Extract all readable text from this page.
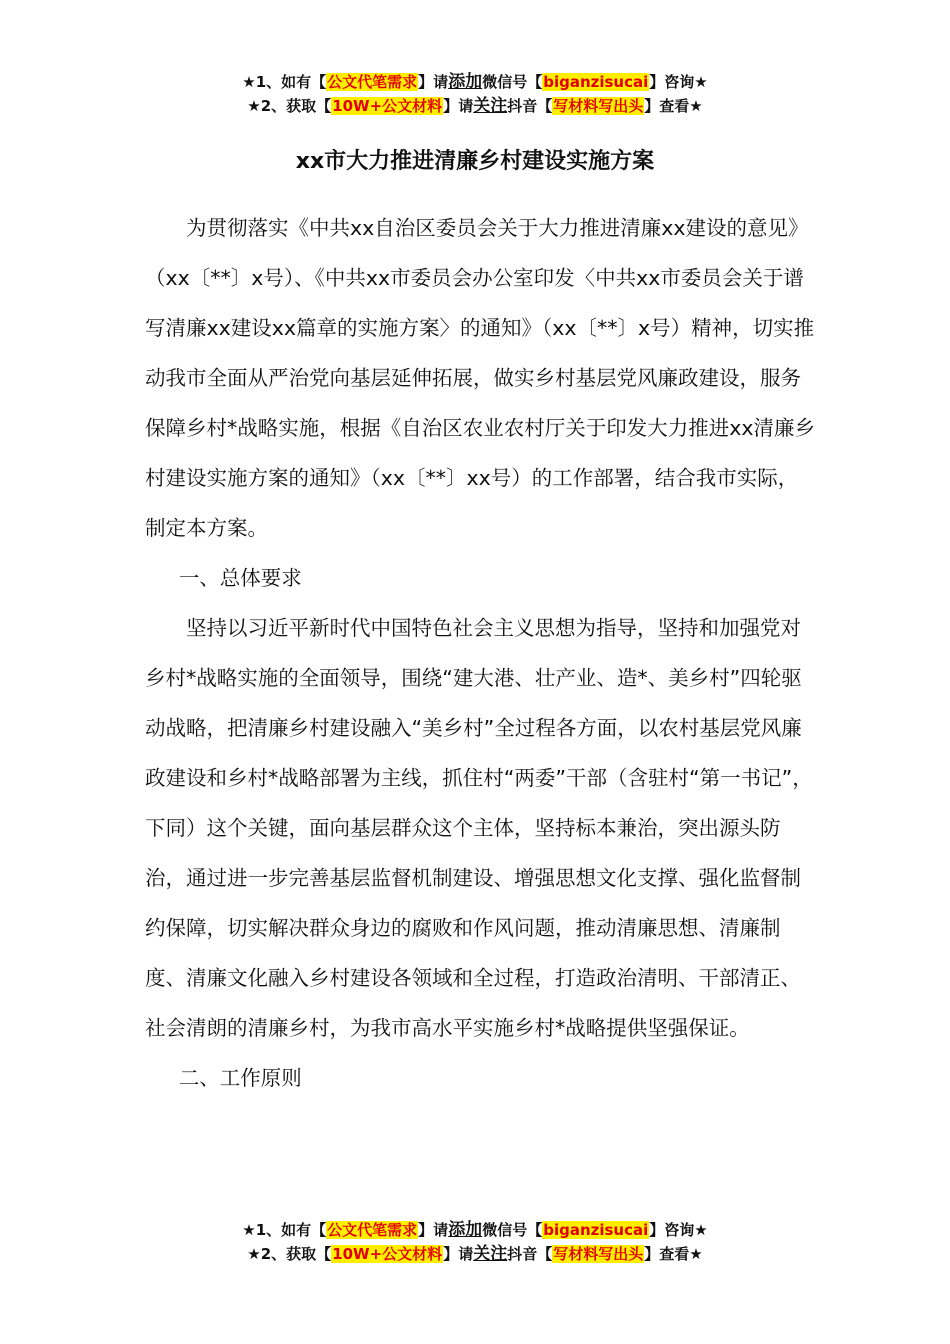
★1、如有【公文代笔需求】请添加微信号【biganzisucai】咨询★
★2、获取【10W+公文材料】请关注抖音【写材料写出头】查看★
xx市大力推进清廉乡村建设实施方案

为贯彻落实《中共xx自治区委员会关于大力推进清廉xx建设的意见》（xx〔**〕x号）、《中共xx市委员会办公室印发〈中共xx市委员会关于谱写清廉xx建设xx篇章的实施方案〉的通知》（xx〔**〕x号）精神，切实推动我市全面从严治党向基层延伸拓展，做实乡村基层党风廉政建设，服务保障乡村*战略实施，根据《自治区农业农村厅关于印发大力推进xx清廉乡村建设实施方案的通知》（xx〔**〕xx号）的工作部署，结合我市实际，制定本方案。

一、总体要求

坚持以习近平新时代中国特色社会主义思想为指导，坚持和加强党对乡村*战略实施的全面领导，围绕“建大港、壮产业、造*、美乡村”四轮驱动战略，把清廉乡村建设融入“美乡村”全过程各方面，以农村基层党风廉政建设和乡村*战略部署为主线，抓住村“两委”干部（含驻村“第一书记”，下同）这个关键，面向基层群众这个主体，坚持标本兼治，突出源头防治，通过进一步完善基层监督机制建设、增强思想文化支撑、强化监督制约保障，切实解决群众身边的腐败和作风问题，推动清廉思想、清廉制度、清廉文化融入乡村建设各领域和全过程，打造政治清明、干部清正、社会清朗的清廉乡村，为我市高水平实施乡村*战略提供坚强保证。

二、工作原则

★1、如有【公文代笔需求】请添加微信号【biganzisucai】咨询★
★2、获取【10W+公文材料】请关注抖音【写材料写出头】查看★
